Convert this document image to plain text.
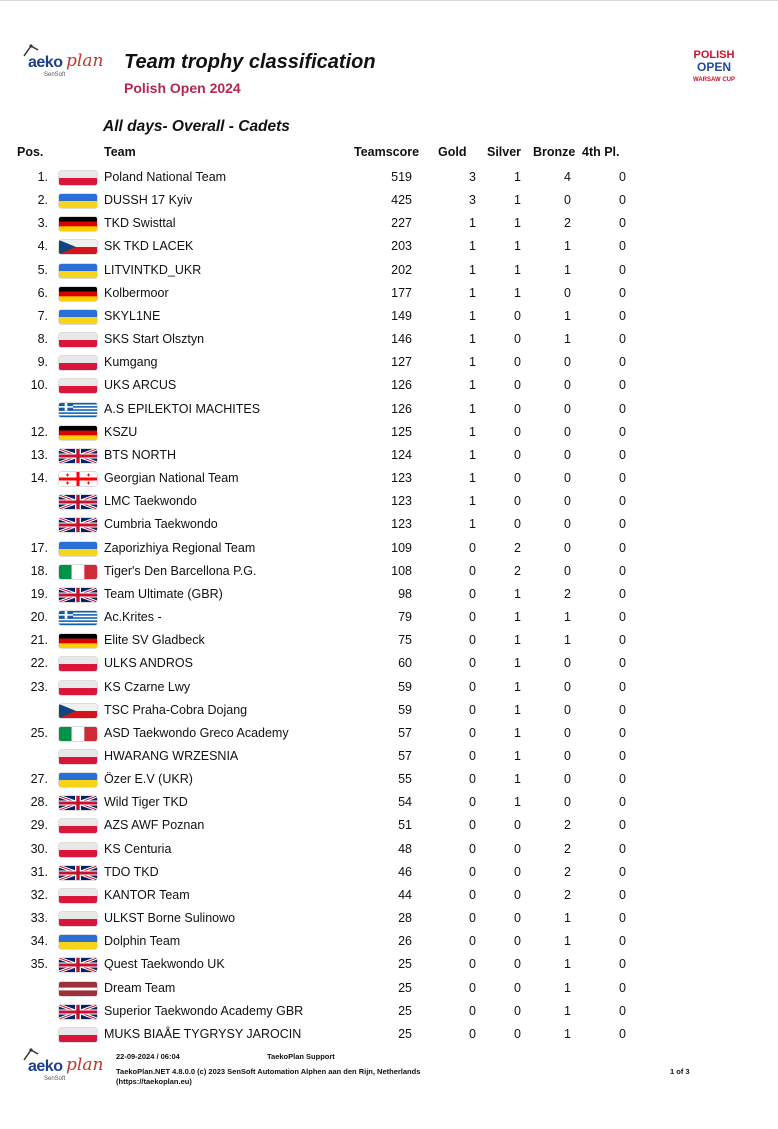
aeko plan
SenSoft
Team trophy classification
Polish Open 2024
POLISH
OPEN
WARSAW CUP
All days- Overall - Cadets
Pos.	Team	Teamscore Gold Silver Bronze 4th Pl.
1.	Poland National Team	519	3	1	4	0
2.	DUSSH 17 Kyiv	425	3	1	0	0
3.	TKD Swisttal	227	1	1	2	0
4.	SK TKD LACEK	203	1	1	1	0
5.	LITVINTKD_UKR	202	1	1	1	0
6.	Kolbermoor	177	1	1	0	0
7.	SKYL1NE	149	1	0	1	0
8.	SKS Start Olsztyn	146	1	0	1	0
9.	Kumgang	127	1	0	0	0
10.	UKS ARCUS	126	1	0	0	0
A.S EPILEKTOI MACHITES	126	1	0	0	0
12.	KSZU	125	1	0	0	0
13.	BTS NORTH	124	1	0	0	0
14.	Georgian National Team	123	1	0	0	0
LMC Taekwondo	123	1	0	0	0
Cumbria Taekwondo	123	1	0	0	0
17.	Zaporizhiya Regional Team	109	0	2	0	0
18.	Tiger's Den Barcellona P.G.	108	0	2	0	0
19.	Team Ultimate (GBR)	98	0	1	2	0
20.	Ac.Krites -	79	0	1	1	0
21.	Elite SV Gladbeck	75	0	1	1	0
22.	ULKS ANDROS	60	0	1	0	0
23.	KS Czarne Lwy	59	0	1	0	0
TSC Praha-Cobra Dojang	59	0	1	0	0
25.	ASD Taekwondo Greco Academy	57	0	1	0	0
HWARANG WRZESNIA	57	0	1	0	0
27.	Özer E.V (UKR)	55	0	1	0	0
28.	Wild Tiger TKD	54	0	1	0	0
29.	AZS AWF Poznan	51	0	0	2	0
30.	KS Centuria	48	0	0	2	0
31.	TDO TKD	46	0	0	2	0
32.	KANTOR Team	44	0	0	2	0
33.	ULKST Borne Sulinowo	28	0	0	1	0
34.	Dolphin Team	26	0	0	1	0
35.	Quest Taekwondo UK	25	0	0	1	0
Dream Team	25	0	0	1	0
Superior Taekwondo Academy GBR	25	0	0	1	0
MUKS BIAÅE TYGRYSY JAROCIN	25	0	0	1	0
aeko plan
SenSoft
22-09-2024 / 06:04	TaekoPlan Support
TaekoPlan.NET 4.8.0.0 (c) 2023 SenSoft Automation Alphen aan den Rijn, Netherlands
(https://taekoplan.eu)
1 of 3
